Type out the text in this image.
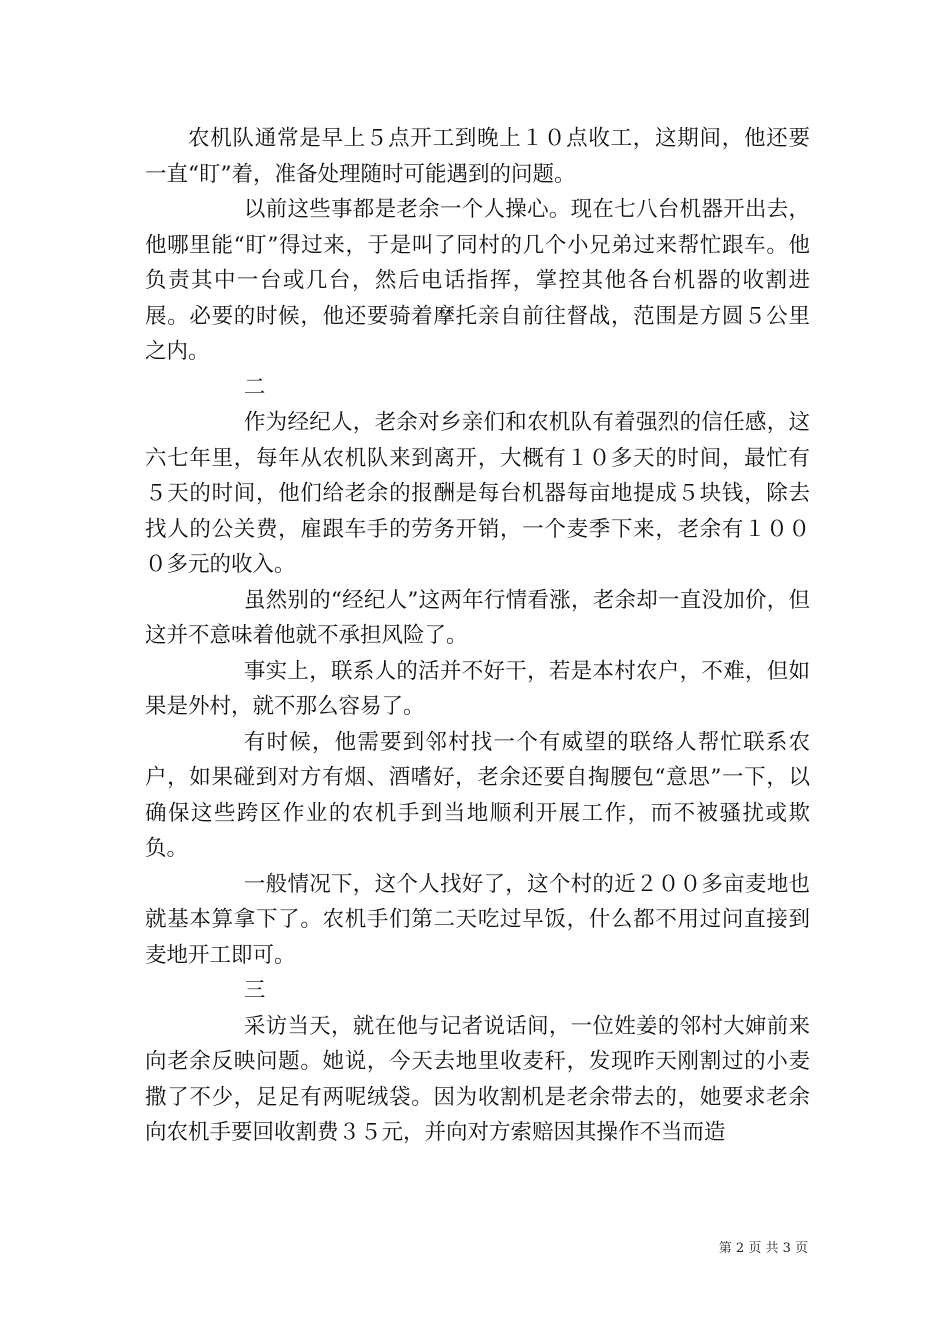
农机队通常是早上５点开工到晚上１０点收工，这期间，他还要一直“盯”着，准备处理随时可能遇到的问题。

以前这些事都是老余一个人操心。现在七八台机器开出去，他哪里能“盯”得过来，于是叫了同村的几个小兄弟过来帮忙跟车。他负责其中一台或几台，然后电话指挥，掌控其他各台机器的收割进展。必要的时候，他还要骑着摩托亲自前往督战，范围是方圆５公里之内。

二

作为经纪人，老余对乡亲们和农机队有着强烈的信任感，这六七年里，每年从农机队来到离开，大概有１０多天的时间，最忙有５天的时间，他们给老余的报酬是每台机器每亩地提成５块钱，除去找人的公关费，雇跟车手的劳务开销，一个麦季下来，老余有１０００多元的收入。

虽然别的“经纪人”这两年行情看涨，老余却一直没加价，但这并不意味着他就不承担风险了。

事实上，联系人的活并不好干，若是本村农户，不难，但如果是外村，就不那么容易了。

有时候，他需要到邻村找一个有威望的联络人帮忙联系农户，如果碰到对方有烟、酒嗜好，老余还要自掏腰包“意思”一下，以确保这些跨区作业的农机手到当地顺利开展工作，而不被骚扰或欺负。

一般情况下，这个人找好了，这个村的近２００多亩麦地也就基本算拿下了。农机手们第二天吃过早饭，什么都不用过问直接到麦地开工即可。

三

采访当天，就在他与记者说话间，一位姓姜的邻村大婶前来向老余反映问题。她说，今天去地里收麦秆，发现昨天刚割过的小麦撒了不少，足足有两呢绒袋。因为收割机是老余带去的，她要求老余向农机手要回收割费３５元，并向对方索赔因其操作不当而造

第 2 页 共 3 页
